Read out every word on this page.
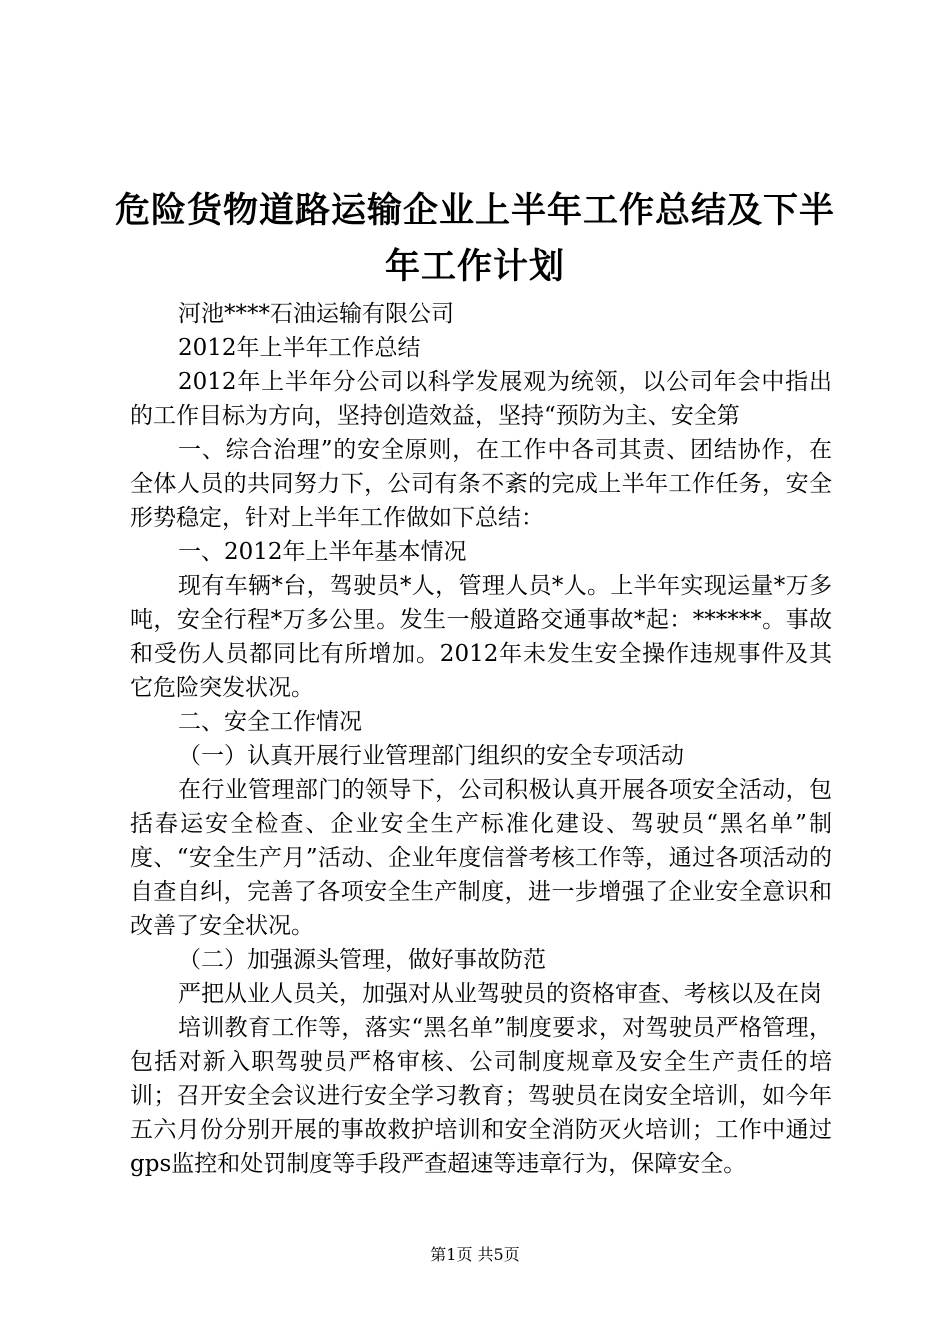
危险货物道路运输企业上半年工作总结及下半年工作计划

河池****石油运输有限公司

2012年上半年工作总结

2012年上半年分公司以科学发展观为统领，以公司年会中指出的工作目标为方向，坚持创造效益，坚持“预防为主、安全第

一、综合治理”的安全原则，在工作中各司其责、团结协作，在全体人员的共同努力下，公司有条不紊的完成上半年工作任务，安全形势稳定，针对上半年工作做如下总结：

一、2012年上半年基本情况

现有车辆*台，驾驶员*人，管理人员*人。上半年实现运量*万多吨，安全行程*万多公里。发生一般道路交通事故*起：******。事故和受伤人员都同比有所增加。2012年未发生安全操作违规事件及其它危险突发状况。

二、安全工作情况

（一）认真开展行业管理部门组织的安全专项活动

在行业管理部门的领导下，公司积极认真开展各项安全活动，包括春运安全检查、企业安全生产标准化建设、驾驶员“黑名单”制度、“安全生产月”活动、企业年度信誉考核工作等，通过各项活动的自查自纠，完善了各项安全生产制度，进一步增强了企业安全意识和改善了安全状况。

（二）加强源头管理，做好事故防范

严把从业人员关，加强对从业驾驶员的资格审查、考核以及在岗

培训教育工作等，落实“黑名单”制度要求，对驾驶员严格管理，包括对新入职驾驶员严格审核、公司制度规章及安全生产责任的培训；召开安全会议进行安全学习教育；驾驶员在岗安全培训，如今年五六月份分别开展的事故救护培训和安全消防灭火培训；工作中通过gps监控和处罚制度等手段严查超速等违章行为，保障安全。

第1页 共5页
